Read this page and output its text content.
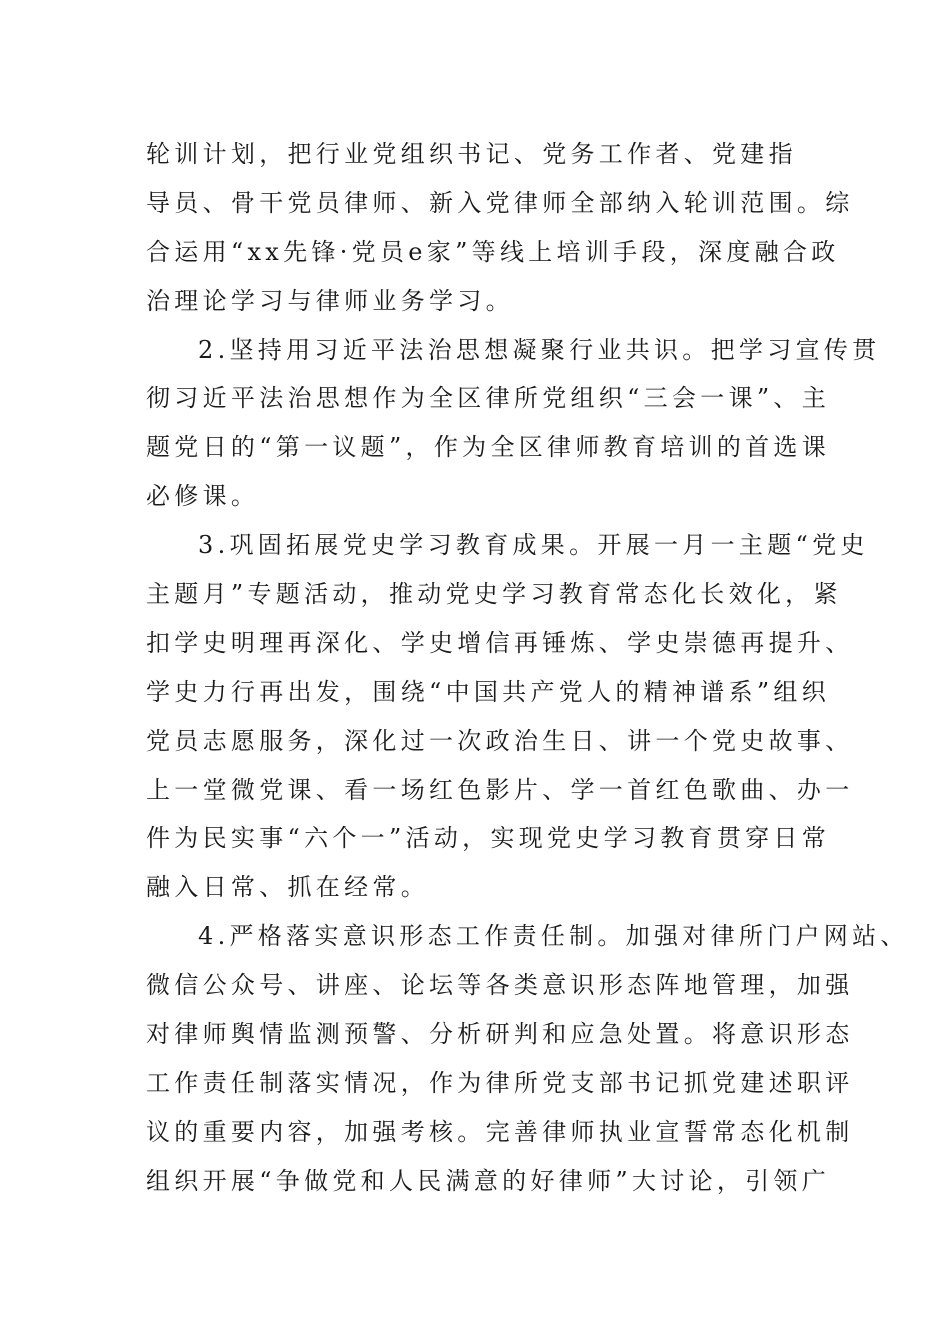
轮训计划，把行业党组织书记、党务工作者、党建指
导员、骨干党员律师、新入党律师全部纳入轮训范围。综
合运用“xx先锋·党员e家”等线上培训手段，深度融合政
治理论学习与律师业务学习。
2.坚持用习近平法治思想凝聚行业共识。把学习宣传贯
彻习近平法治思想作为全区律所党组织“三会一课”、主
题党日的“第一议题”，作为全区律师教育培训的首选课
必修课。
3.巩固拓展党史学习教育成果。开展一月一主题“党史
主题月”专题活动，推动党史学习教育常态化长效化，紧
扣学史明理再深化、学史增信再锤炼、学史崇德再提升、
学史力行再出发，围绕“中国共产党人的精神谱系”组织
党员志愿服务，深化过一次政治生日、讲一个党史故事、
上一堂微党课、看一场红色影片、学一首红色歌曲、办一
件为民实事“六个一”活动，实现党史学习教育贯穿日常
融入日常、抓在经常。
4.严格落实意识形态工作责任制。加强对律所门户网站、
微信公众号、讲座、论坛等各类意识形态阵地管理，加强
对律师舆情监测预警、分析研判和应急处置。将意识形态
工作责任制落实情况，作为律所党支部书记抓党建述职评
议的重要内容，加强考核。完善律师执业宣誓常态化机制
组织开展“争做党和人民满意的好律师”大讨论，引领广
